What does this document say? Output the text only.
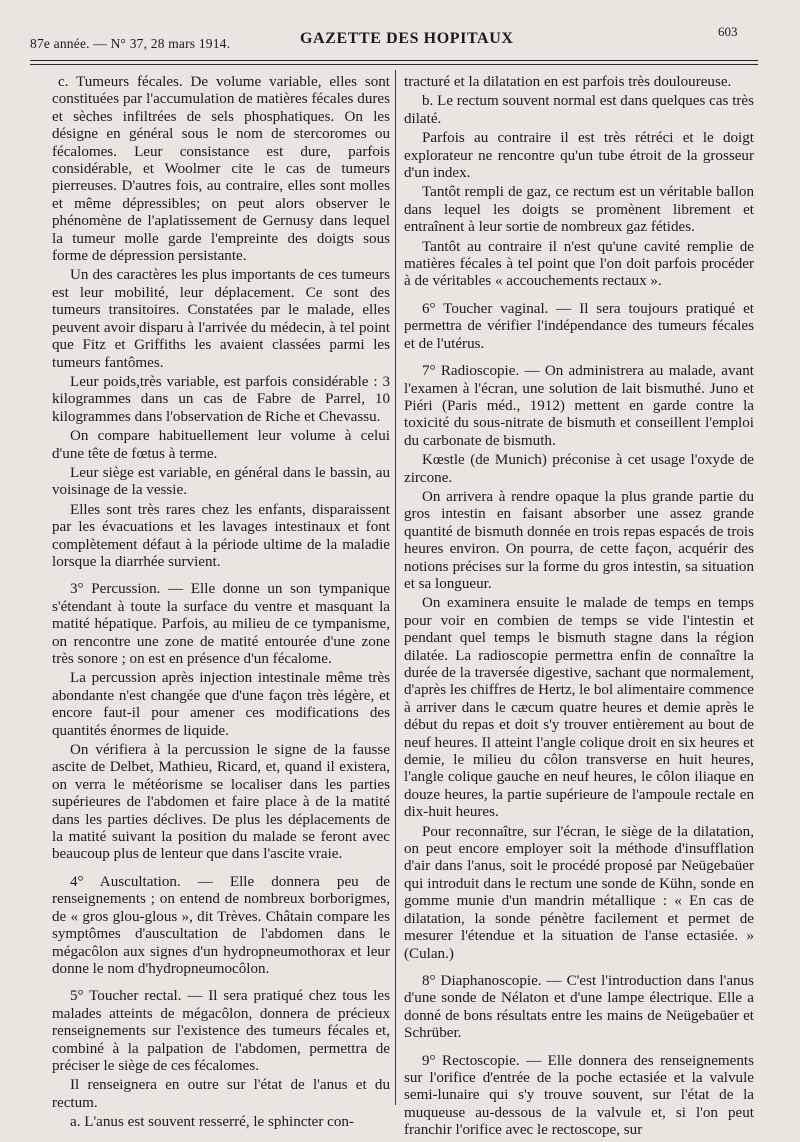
87e année. — N° 37, 28 mars 1914.	GAZETTE DES HOPITAUX	603

c. Tumeurs fécales. De volume variable, elles sont constituées par l'accumulation de matières fécales dures et sèches infiltrées de sels phosphatiques. On les désigne en général sous le nom de stercoromes ou fécalomes. Leur consistance est dure, parfois considérable, et Woolmer cite le cas de tumeurs pierreuses. D'autres fois, au contraire, elles sont molles et même dépressibles; on peut alors observer le phénomène de l'aplatissement de Gernusy dans lequel la tumeur molle garde l'empreinte des doigts sous forme de dépression persistante.

Un des caractères les plus importants de ces tumeurs est leur mobilité, leur déplacement. Ce sont des tumeurs transitoires. Constatées par le malade, elles peuvent avoir disparu à l'arrivée du médecin, à tel point que Fitz et Griffiths les avaient classées parmi les tumeurs fantômes.

Leur poids,très variable, est parfois considérable : 3 kilogrammes dans un cas de Fabre de Parrel, 10 kilogrammes dans l'observation de Riche et Chevassu.

On compare habituellement leur volume à celui d'une tête de fœtus à terme.

Leur siège est variable, en général dans le bassin, au voisinage de la vessie.

Elles sont très rares chez les enfants, disparaissent par les évacuations et les lavages intestinaux et font complètement défaut à la période ultime de la maladie lorsque la diarrhée survient.

3° Percussion. — Elle donne un son tympanique s'étendant à toute la surface du ventre et masquant la matité hépatique. Parfois, au milieu de ce tympanisme, on rencontre une zone de matité entourée d'une zone très sonore ; on est en présence d'un fécalome.

La percussion après injection intestinale même très abondante n'est changée que d'une façon très légère, et encore faut-il pour amener ces modifications des quantités énormes de liquide.

On vérifiera à la percussion le signe de la fausse ascite de Delbet, Mathieu, Ricard, et, quand il existera, on verra le météorisme se localiser dans les parties supérieures de l'abdomen et faire place à de la matité dans les parties déclives. De plus les déplacements de la matité suivant la position du malade se feront avec beaucoup plus de lenteur que dans l'ascite vraie.

4° Auscultation. — Elle donnera peu de renseignements ; on entend de nombreux borborigmes, de « gros glou-glous », dit Trèves. Châtain compare les symptômes d'auscultation de l'abdomen dans le mégacôlon aux signes d'un hydropneumothorax et leur donne le nom d'hydropneumocôlon.

5° Toucher rectal. — Il sera pratiqué chez tous les malades atteints de mégacôlon, donnera de précieux renseignements sur l'existence des tumeurs fécales et, combiné à la palpation de l'abdomen, permettra de préciser le siège de ces fécalomes.

Il renseignera en outre sur l'état de l'anus et du rectum.

a. L'anus est souvent resserré, le sphincter con-

tracturé et la dilatation en est parfois très douloureuse.

b. Le rectum souvent normal est dans quelques cas très dilaté.

Parfois au contraire il est très rétréci et le doigt explorateur ne rencontre qu'un tube étroit de la grosseur d'un index.

Tantôt rempli de gaz, ce rectum est un véritable ballon dans lequel les doigts se promènent librement et entraînent à leur sortie de nombreux gaz fétides.

Tantôt au contraire il n'est qu'une cavité remplie de matières fécales à tel point que l'on doit parfois procéder à de véritables « accouchements rectaux ».

6° Toucher vaginal. — Il sera toujours pratiqué et permettra de vérifier l'indépendance des tumeurs fécales et de l'utérus.

7° Radioscopie. — On administrera au malade, avant l'examen à l'écran, une solution de lait bismuthé. Juno et Piéri (Paris méd., 1912) mettent en garde contre la toxicité du sous-nitrate de bismuth et conseillent l'emploi du carbonate de bismuth.

Kœstle (de Munich) préconise à cet usage l'oxyde de zircone.

On arrivera à rendre opaque la plus grande partie du gros intestin en faisant absorber une assez grande quantité de bismuth donnée en trois repas espacés de trois heures environ. On pourra, de cette façon, acquérir des notions précises sur la forme du gros intestin, sa situation et sa longueur.

On examinera ensuite le malade de temps en temps pour voir en combien de temps se vide l'intestin et pendant quel temps le bismuth stagne dans la région dilatée. La radioscopie permettra enfin de connaître la durée de la traversée digestive, sachant que normalement, d'après les chiffres de Hertz, le bol alimentaire commence à arriver dans le cæcum quatre heures et demie après le début du repas et doit s'y trouver entièrement au bout de neuf heures. Il atteint l'angle colique droit en six heures et demie, le milieu du côlon transverse en huit heures, l'angle colique gauche en neuf heures, le côlon iliaque en douze heures, la partie supérieure de l'ampoule rectale en dix-huit heures.

Pour reconnaître, sur l'écran, le siège de la dilatation, on peut encore employer soit la méthode d'insufflation d'air dans l'anus, soit le procédé proposé par Neügebaüer qui introduit dans le rectum une sonde de Kühn, sonde en gomme munie d'un mandrin métallique : « En cas de dilatation, la sonde pénètre facilement et permet de mesurer l'étendue et la situation de l'anse ectasiée. » (Culan.)

8° Diaphanoscopie. — C'est l'introduction dans l'anus d'une sonde de Nélaton et d'une lampe électrique. Elle a donné de bons résultats entre les mains de Neügebaüer et Schrüber.

9° Rectoscopie. — Elle donnera des renseignements sur l'orifice d'entrée de la poche ectasiée et la valvule semi-lunaire qui s'y trouve souvent, sur l'état de la muqueuse au-dessous de la valvule et, si l'on peut franchir l'orifice avec le rectoscope, sur
